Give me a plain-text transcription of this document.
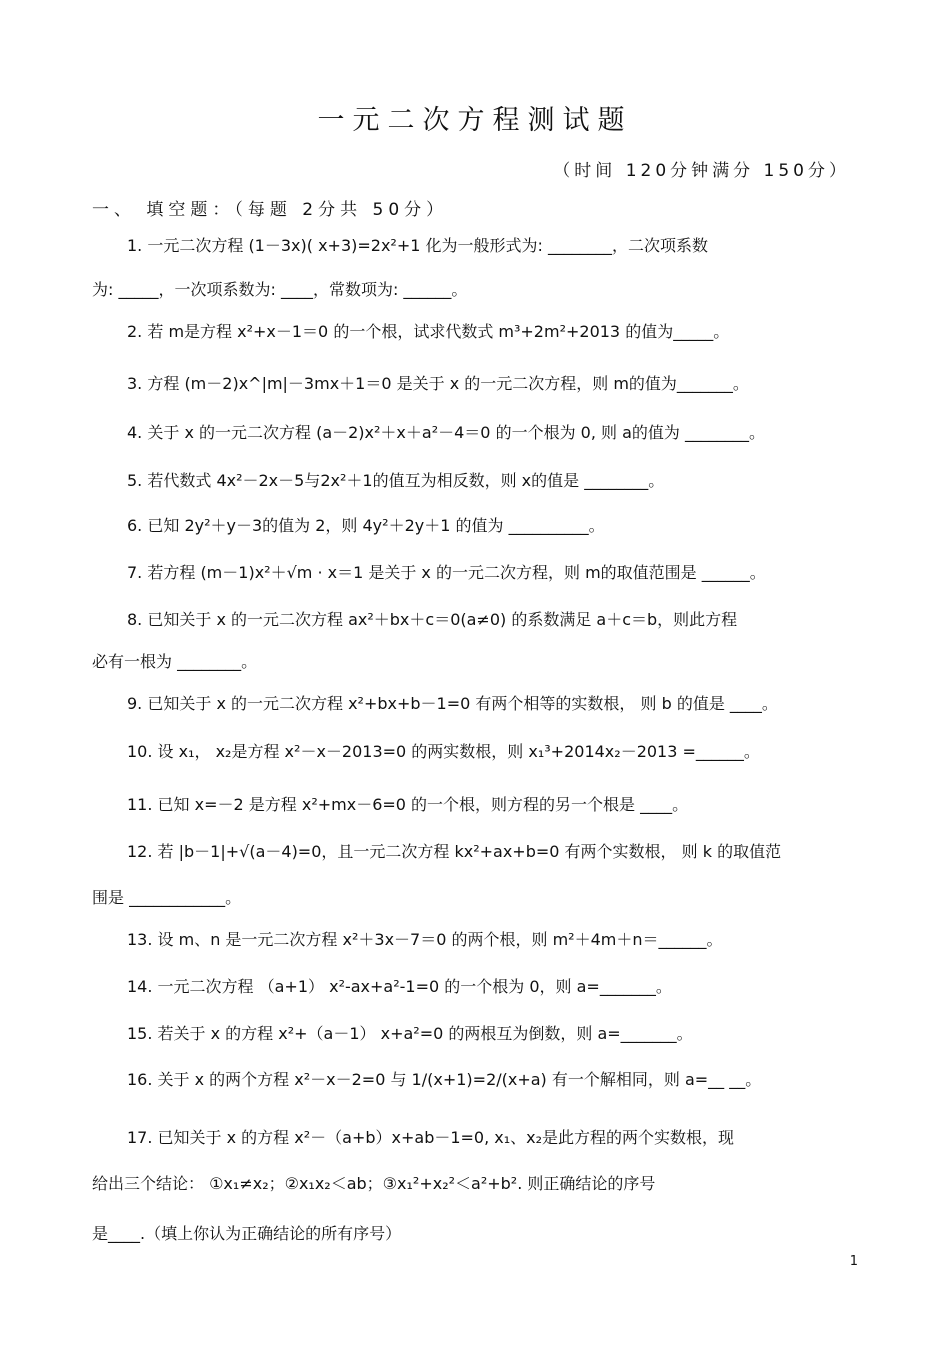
一元二次方程测试题
（时间 120分钟满分 150分）
一、 填空题：（每题 2分共 50分）
1. 一元二次方程 (1－3x)( x+3)=2x²+1 化为一般形式为: ________，二次项系数
为: _____，一次项系数为: ____，常数项为: ______。
2. 若 m是方程 x²+x－1＝0 的一个根，试求代数式 m³+2m²+2013 的值为_____。
3. 方程 (m－2)x^|m|－3mx＋1＝0 是关于 x 的一元二次方程，则 m的值为_______。
4. 关于 x 的一元二次方程 (a－2)x²＋x＋a²－4＝0 的一个根为 0, 则 a的值为 ________。
5. 若代数式 4x²－2x－5与2x²＋1的值互为相反数，则 x的值是 ________。
6. 已知 2y²＋y－3的值为 2，则 4y²＋2y＋1 的值为 __________。
7. 若方程 (m－1)x²＋√m · x＝1 是关于 x 的一元二次方程，则 m的取值范围是 ______。
8. 已知关于 x 的一元二次方程 ax²＋bx＋c＝0(a≠0) 的系数满足 a＋c＝b，则此方程
必有一根为 ________。
9. 已知关于 x 的一元二次方程 x²+bx+b－1=0 有两个相等的实数根， 则 b 的值是 ____。
10. 设 x₁， x₂是方程 x²－x－2013=0 的两实数根，则 x₁³+2014x₂－2013 =______。
11. 已知 x=－2 是方程 x²+mx－6=0 的一个根，则方程的另一个根是 ____。
12. 若 |b－1|+√(a－4)=0，且一元二次方程 kx²+ax+b=0 有两个实数根， 则 k 的取值范
围是 ____________。
13. 设 m、n 是一元二次方程 x²＋3x－7＝0 的两个根，则 m²＋4m＋n＝______。
14. 一元二次方程 （a+1） x²-ax+a²-1=0 的一个根为 0，则 a=_______。
15. 若关于 x 的方程 x²+（a－1） x+a²=0 的两根互为倒数，则 a=_______。
16. 关于 x 的两个方程 x²－x－2=0 与 1/(x+1)=2/(x+a) 有一个解相同，则 a=__ __。
17. 已知关于 x 的方程 x²－（a+b）x+ab－1=0, x₁、x₂是此方程的两个实数根，现
给出三个结论： ①x₁≠x₂；②x₁x₂＜ab；③x₁²+x₂²＜a²+b². 则正确结论的序号
是____.（填上你认为正确结论的所有序号）
1
